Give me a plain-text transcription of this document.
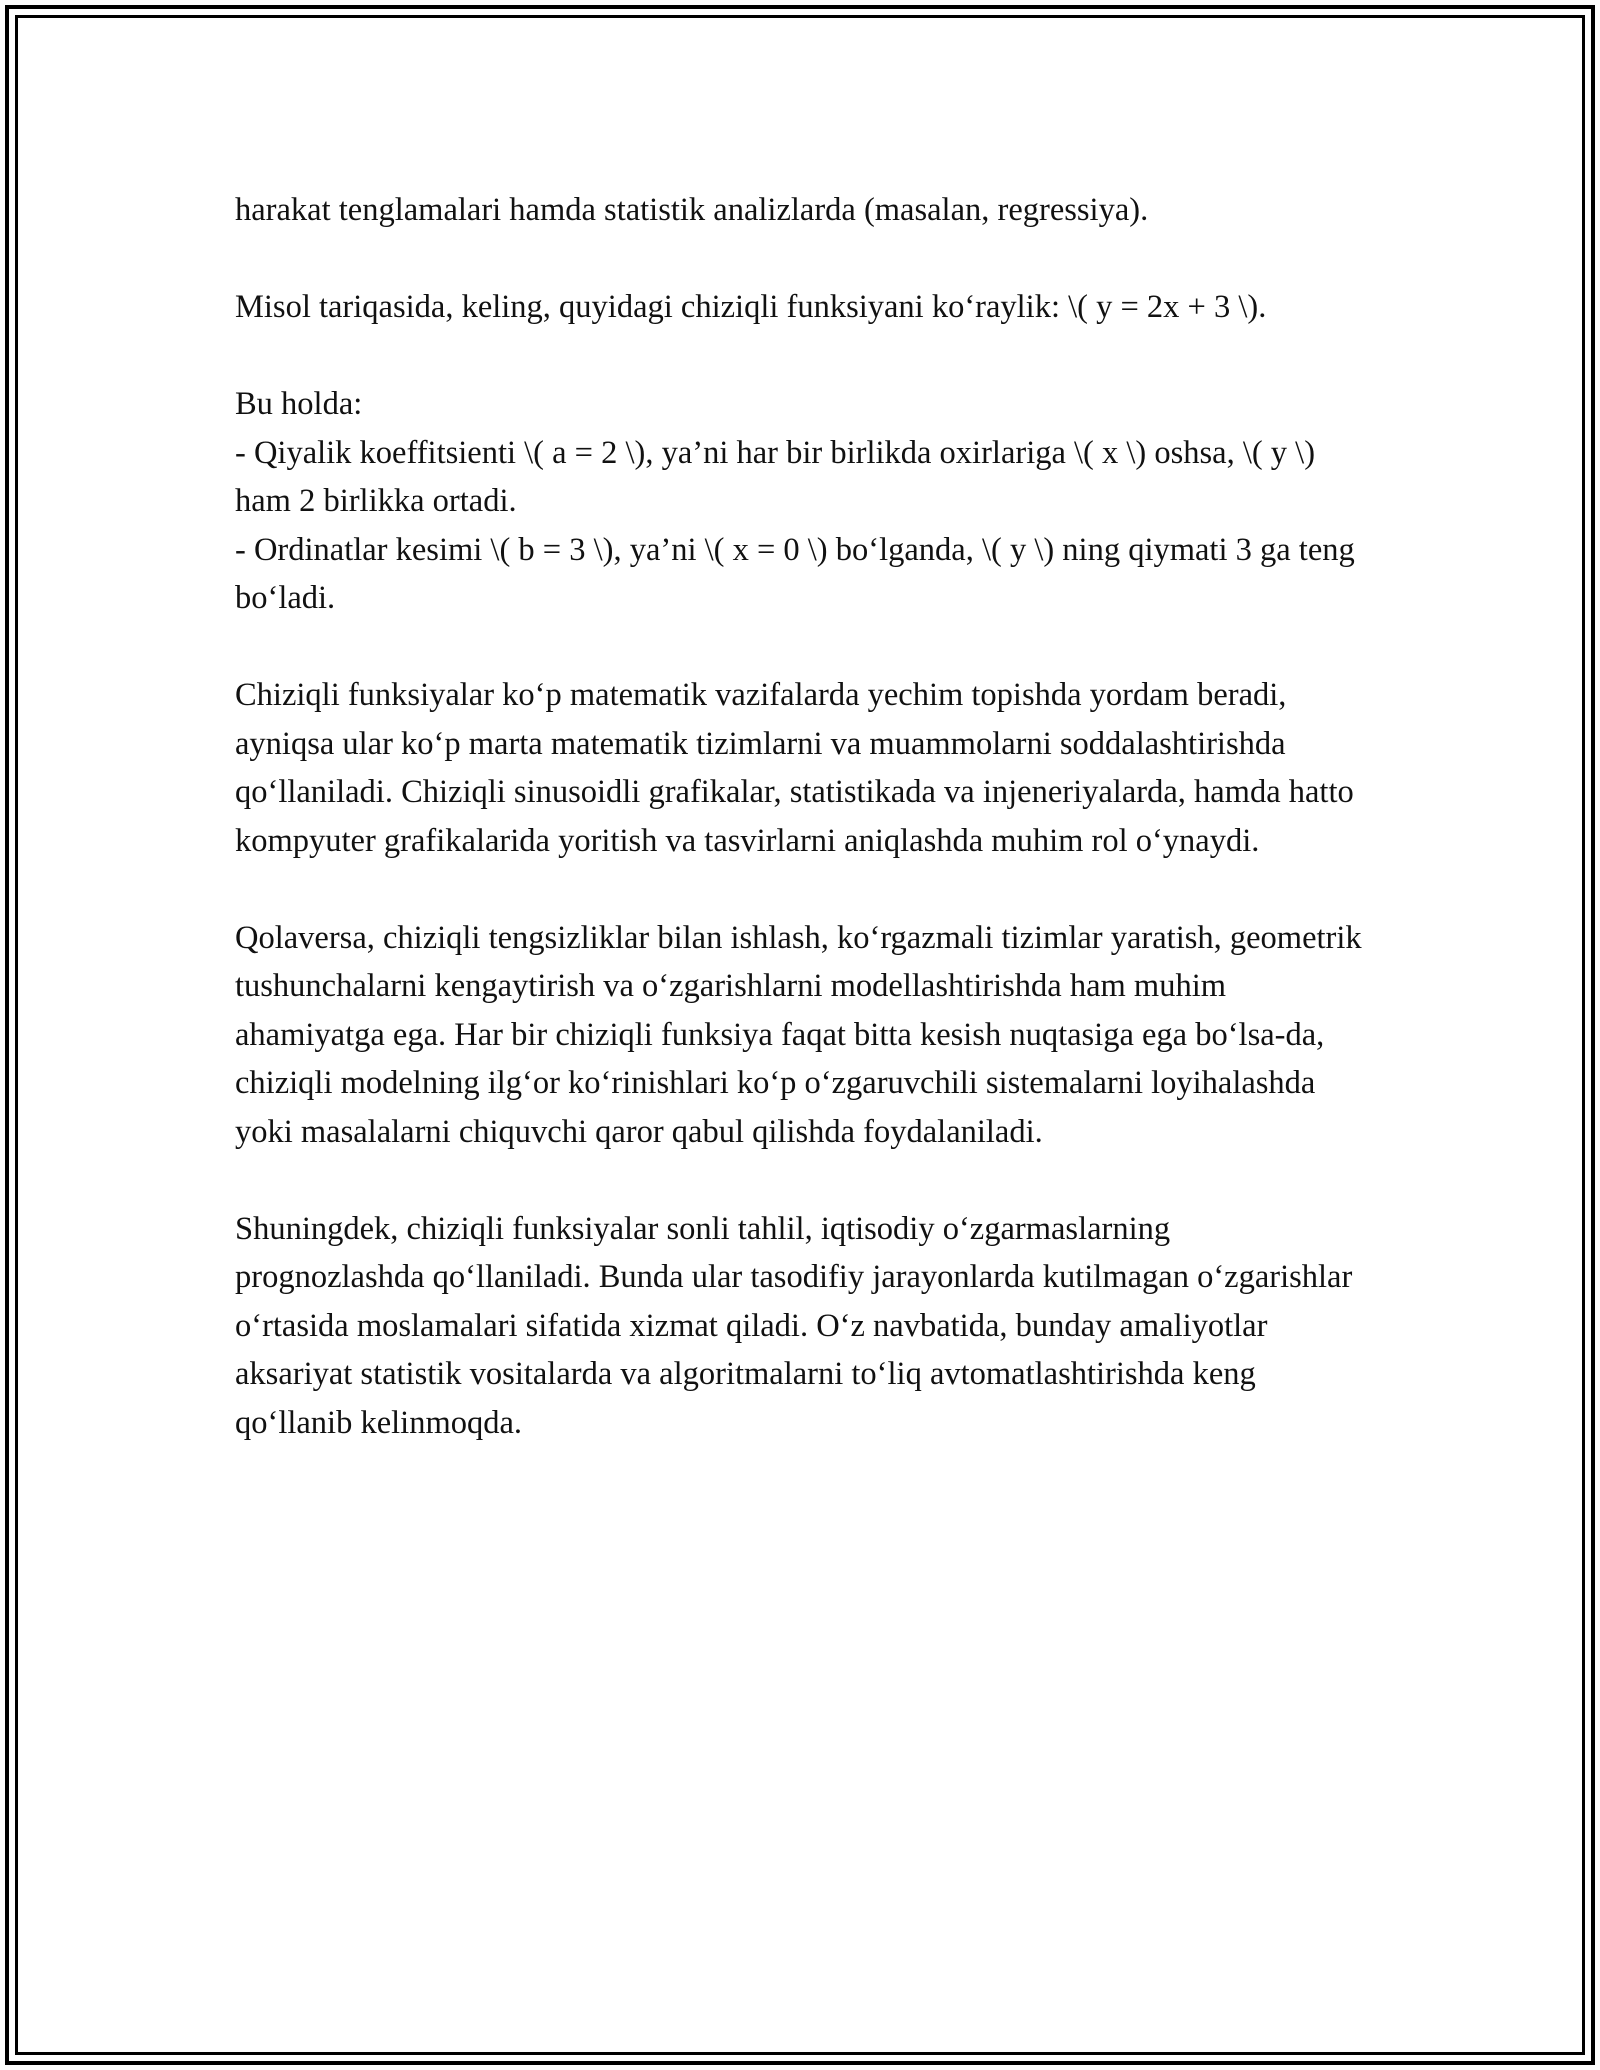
harakat tenglamalari hamda statistik analizlarda (masalan, regressiya).

Misol tariqasida, keling, quyidagi chiziqli funksiyani ko‘raylik: \( y = 2x + 3 \).

Bu holda:
- Qiyalik koeffitsienti \( a = 2 \), ya’ni har bir birlikda oxirlariga \( x \) oshsa, \( y \) ham 2 birlikka ortadi.
- Ordinatlar kesimi \( b = 3 \), ya’ni \( x = 0 \) bo‘lganda, \( y \) ning qiymati 3 ga teng bo‘ladi.

Chiziqli funksiyalar ko‘p matematik vazifalarda yechim topishda yordam beradi, ayniqsa ular ko‘p marta matematik tizimlarni va muammolarni soddalashtirishda qo‘llaniladi. Chiziqli sinusoidli grafikalar, statistikada va injeneriyalarda, hamda hatto kompyuter grafikalarida yoritish va tasvirlarni aniqlashda muhim rol o‘ynaydi.

Qolaversa, chiziqli tengsizliklar bilan ishlash, ko‘rgazmali tizimlar yaratish, geometrik tushunchalarni kengaytirish va o‘zgarishlarni modellashtirishda ham muhim ahamiyatga ega. Har bir chiziqli funksiya faqat bitta kesish nuqtasiga ega bo‘lsa-da, chiziqli modelning ilg‘or ko‘rinishlari ko‘p o‘zgaruvchili sistemalarni loyihalashda yoki masalalarni chiquvchi qaror qabul qilishda foydalaniladi.

Shuningdek, chiziqli funksiyalar sonli tahlil, iqtisodiy o‘zgarmaslarning prognozlashda qo‘llaniladi. Bunda ular tasodifiy jarayonlarda kutilmagan o‘zgarishlar o‘rtasida moslamalari sifatida xizmat qiladi. O‘z navbatida, bunday amaliyotlar aksariyat statistik vositalarda va algoritmalarni to‘liq avtomatlashtirishda keng qo‘llanib kelinmoqda.
